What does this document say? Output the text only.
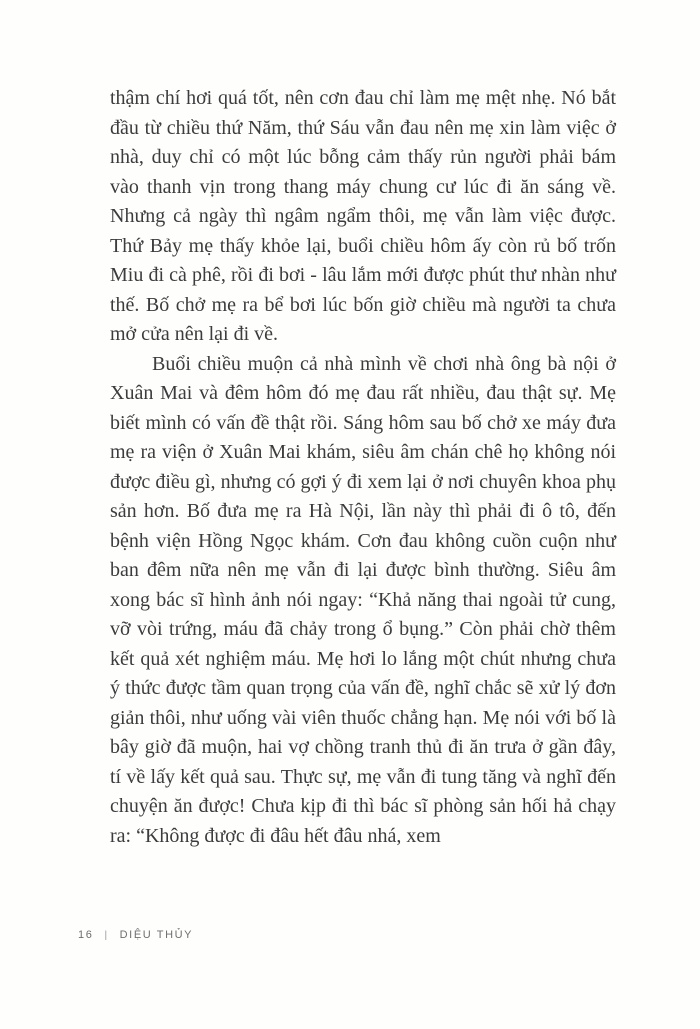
thậm chí hơi quá tốt, nên cơn đau chỉ làm mẹ mệt nhẹ. Nó bắt đầu từ chiều thứ Năm, thứ Sáu vẫn đau nên mẹ xin làm việc ở nhà, duy chỉ có một lúc bỗng cảm thấy rủn người phải bám vào thanh vịn trong thang máy chung cư lúc đi ăn sáng về. Nhưng cả ngày thì ngâm ngẩm thôi, mẹ vẫn làm việc được. Thứ Bảy mẹ thấy khỏe lại, buổi chiều hôm ấy còn rủ bố trốn Miu đi cà phê, rồi đi bơi - lâu lắm mới được phút thư nhàn như thế. Bố chở mẹ ra bể bơi lúc bốn giờ chiều mà người ta chưa mở cửa nên lại đi về.

Buổi chiều muộn cả nhà mình về chơi nhà ông bà nội ở Xuân Mai và đêm hôm đó mẹ đau rất nhiều, đau thật sự. Mẹ biết mình có vấn đề thật rồi. Sáng hôm sau bố chở xe máy đưa mẹ ra viện ở Xuân Mai khám, siêu âm chán chê họ không nói được điều gì, nhưng có gợi ý đi xem lại ở nơi chuyên khoa phụ sản hơn. Bố đưa mẹ ra Hà Nội, lần này thì phải đi ô tô, đến bệnh viện Hồng Ngọc khám. Cơn đau không cuồn cuộn như ban đêm nữa nên mẹ vẫn đi lại được bình thường. Siêu âm xong bác sĩ hình ảnh nói ngay: “Khả năng thai ngoài tử cung, vỡ vòi trứng, máu đã chảy trong ổ bụng.” Còn phải chờ thêm kết quả xét nghiệm máu. Mẹ hơi lo lắng một chút nhưng chưa ý thức được tầm quan trọng của vấn đề, nghĩ chắc sẽ xử lý đơn giản thôi, như uống vài viên thuốc chẳng hạn. Mẹ nói với bố là bây giờ đã muộn, hai vợ chồng tranh thủ đi ăn trưa ở gần đây, tí về lấy kết quả sau. Thực sự, mẹ vẫn đi tung tăng và nghĩ đến chuyện ăn được! Chưa kịp đi thì bác sĩ phòng sản hối hả chạy ra: “Không được đi đâu hết đâu nhá, xem

16 | DIỆU THỦY
